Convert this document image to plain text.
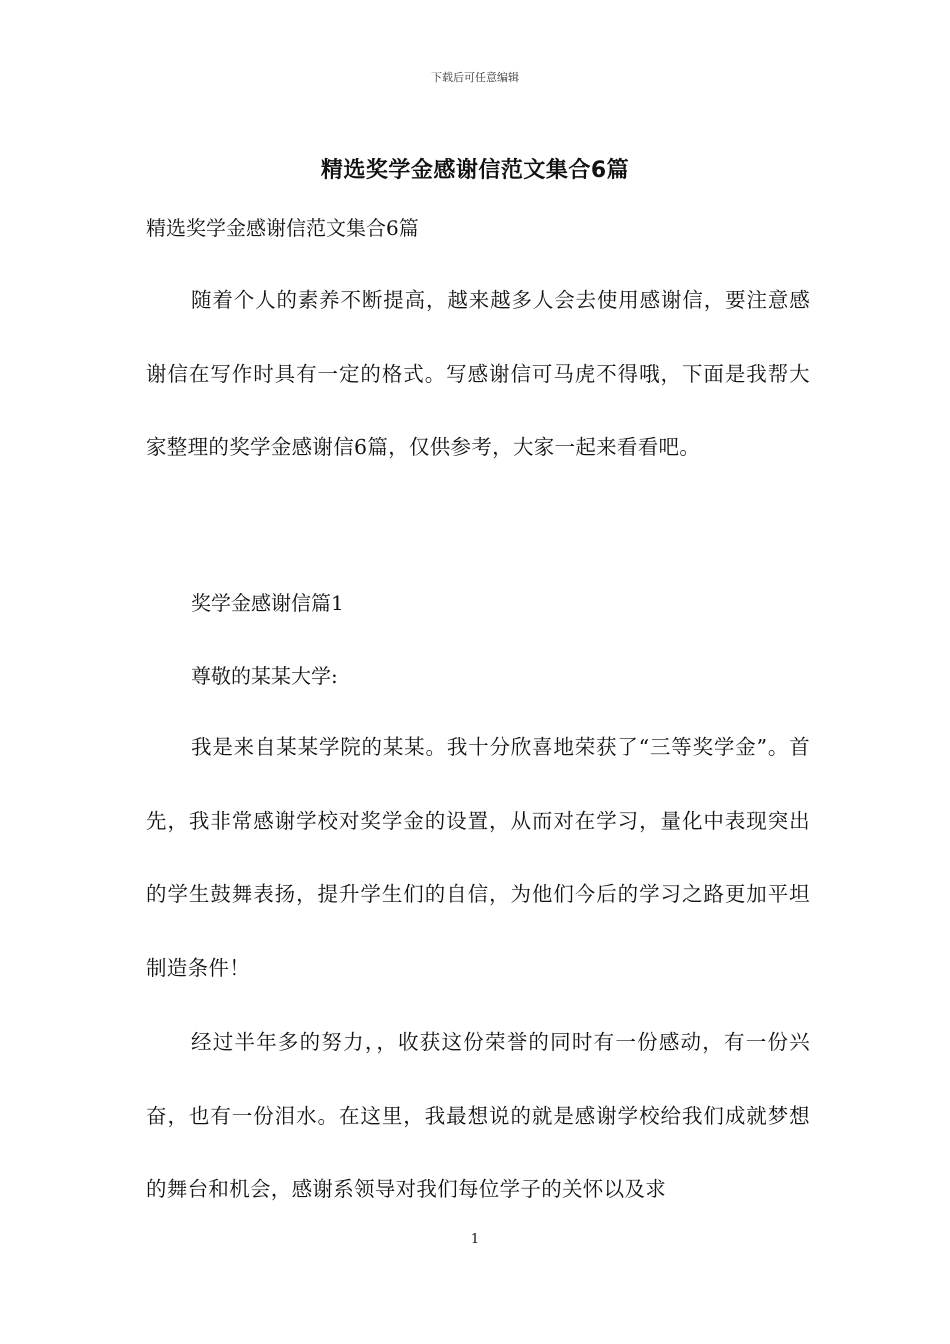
下载后可任意编辑
精选奖学金感谢信范文集合6篇
精选奖学金感谢信范文集合6篇

随着个人的素养不断提高，越来越多人会去使用感谢信，要注意感谢信在写作时具有一定的格式。写感谢信可马虎不得哦，下面是我帮大家整理的奖学金感谢信6篇，仅供参考，大家一起来看看吧。

奖学金感谢信篇1
尊敬的某某大学:

我是来自某某学院的某某。我十分欣喜地荣获了“三等奖学金”。首先，我非常感谢学校对奖学金的设置，从而对在学习，量化中表现突出的学生鼓舞表扬，提升学生们的自信，为他们今后的学习之路更加平坦制造条件！

经过半年多的努力，，收获这份荣誉的同时有一份感动，有一份兴奋，也有一份泪水。在这里，我最想说的就是感谢学校给我们成就梦想的舞台和机会，感谢系领导对我们每位学子的关怀以及求

1
